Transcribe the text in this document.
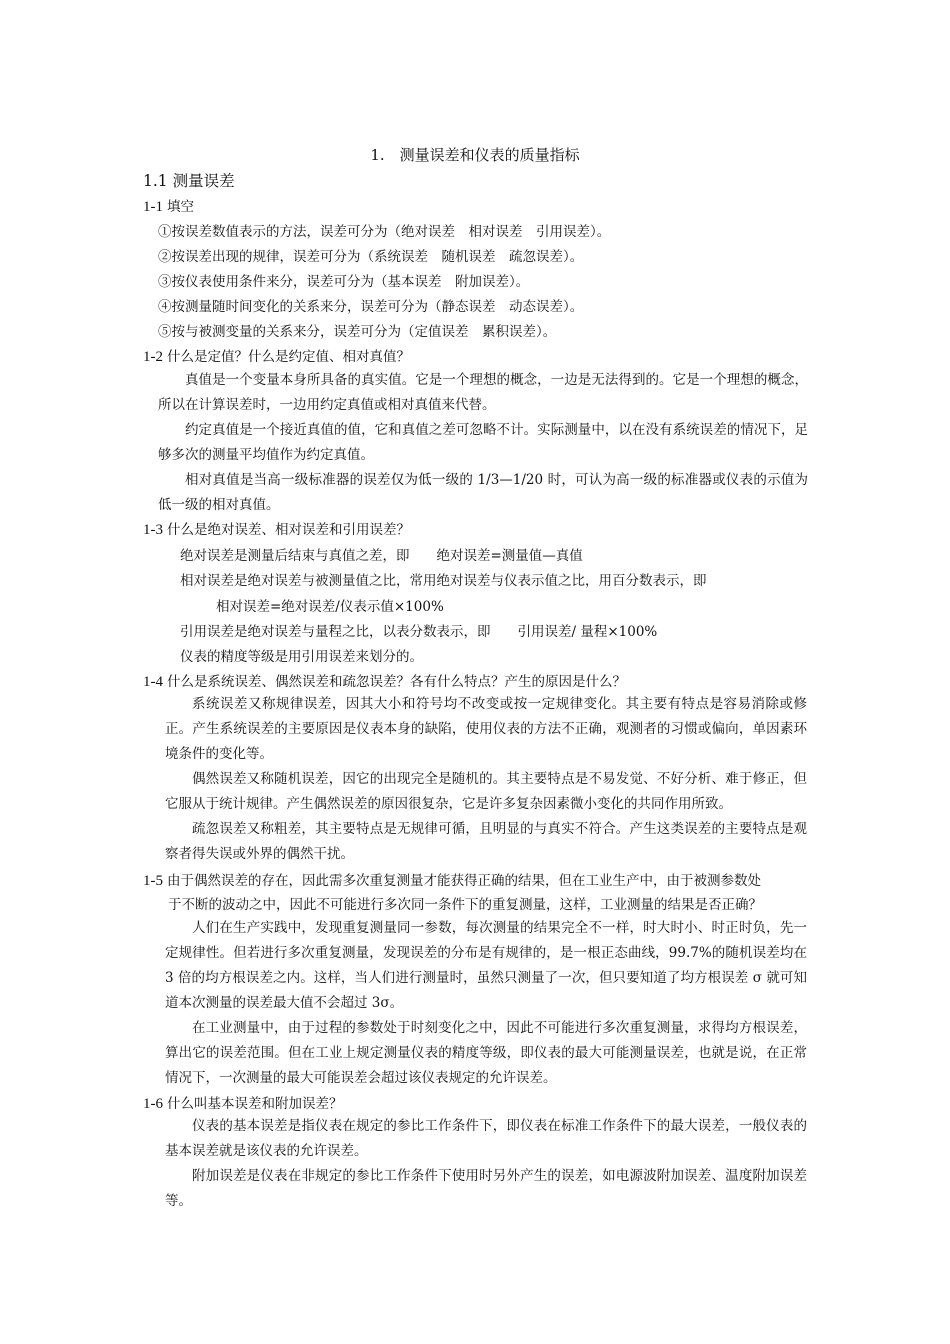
1.　测量误差和仪表的质量指标
1.1 测量误差
1-1 填空
①按误差数值表示的方法，误差可分为（绝对误差　相对误差　引用误差）。
②按误差出现的规律，误差可分为（系统误差　随机误差　疏忽误差）。
③按仪表使用条件来分，误差可分为（基本误差　附加误差）。
④按测量随时间变化的关系来分，误差可分为（静态误差　动态误差）。
⑤按与被测变量的关系来分，误差可分为（定值误差　累积误差）。
1-2 什么是定值？什么是约定值、相对真值？
真值是一个变量本身所具备的真实值。它是一个理想的概念，一边是无法得到的。它是一个理想的概念，所以在计算误差时，一边用约定真值或相对真值来代替。
约定真值是一个接近真值的值，它和真值之差可忽略不计。实际测量中，以在没有系统误差的情况下，足够多次的测量平均值作为约定真值。
相对真值是当高一级标准器的误差仅为低一级的 1/3—1/20 时，可认为高一级的标准器或仪表的示值为低一级的相对真值。
1-3 什么是绝对误差、相对误差和引用误差？
绝对误差是测量后结束与真值之差，即　　绝对误差=测量值—真值
相对误差是绝对误差与被测量值之比，常用绝对误差与仪表示值之比，用百分数表示，即
相对误差=绝对误差/仪表示值×100%
引用误差是绝对误差与量程之比，以表分数表示，即　　引用误差/ 量程×100%
仪表的精度等级是用引用误差来划分的。
1-4 什么是系统误差、偶然误差和疏忽误差？各有什么特点？产生的原因是什么？
系统误差又称规律误差，因其大小和符号均不改变或按一定规律变化。其主要有特点是容易消除或修正。产生系统误差的主要原因是仪表本身的缺陷，使用仪表的方法不正确，观测者的习惯或偏向，单因素环境条件的变化等。
偶然误差又称随机误差，因它的出现完全是随机的。其主要特点是不易发觉、不好分析、难于修正，但它服从于统计规律。产生偶然误差的原因很复杂，它是许多复杂因素微小变化的共同作用所致。
疏忽误差又称粗差，其主要特点是无规律可循，且明显的与真实不符合。产生这类误差的主要特点是观察者得失误或外界的偶然干扰。
1-5 由于偶然误差的存在，因此需多次重复测量才能获得正确的结果，但在工业生产中，由于被测参数处
于不断的波动之中，因此不可能进行多次同一条件下的重复测量，这样，工业测量的结果是否正确？
人们在生产实践中，发现重复测量同一参数，每次测量的结果完全不一样，时大时小、时正时负，先一定规律性。但若进行多次重复测量，发现误差的分布是有规律的，是一根正态曲线，99.7%的随机误差均在 3 倍的均方根误差之内。这样，当人们进行测量时，虽然只测量了一次，但只要知道了均方根误差 σ 就可知道本次测量的误差最大值不会超过 3σ。
在工业测量中，由于过程的参数处于时刻变化之中，因此不可能进行多次重复测量，求得均方根误差，算出它的误差范围。但在工业上规定测量仪表的精度等级，即仪表的最大可能测量误差，也就是说，在正常情况下，一次测量的最大可能误差会超过该仪表规定的允许误差。
1-6 什么叫基本误差和附加误差？
仪表的基本误差是指仪表在规定的参比工作条件下，即仪表在标准工作条件下的最大误差，一般仪表的基本误差就是该仪表的允许误差。
附加误差是仪表在非规定的参比工作条件下使用时另外产生的误差，如电源波附加误差、温度附加误差等。
